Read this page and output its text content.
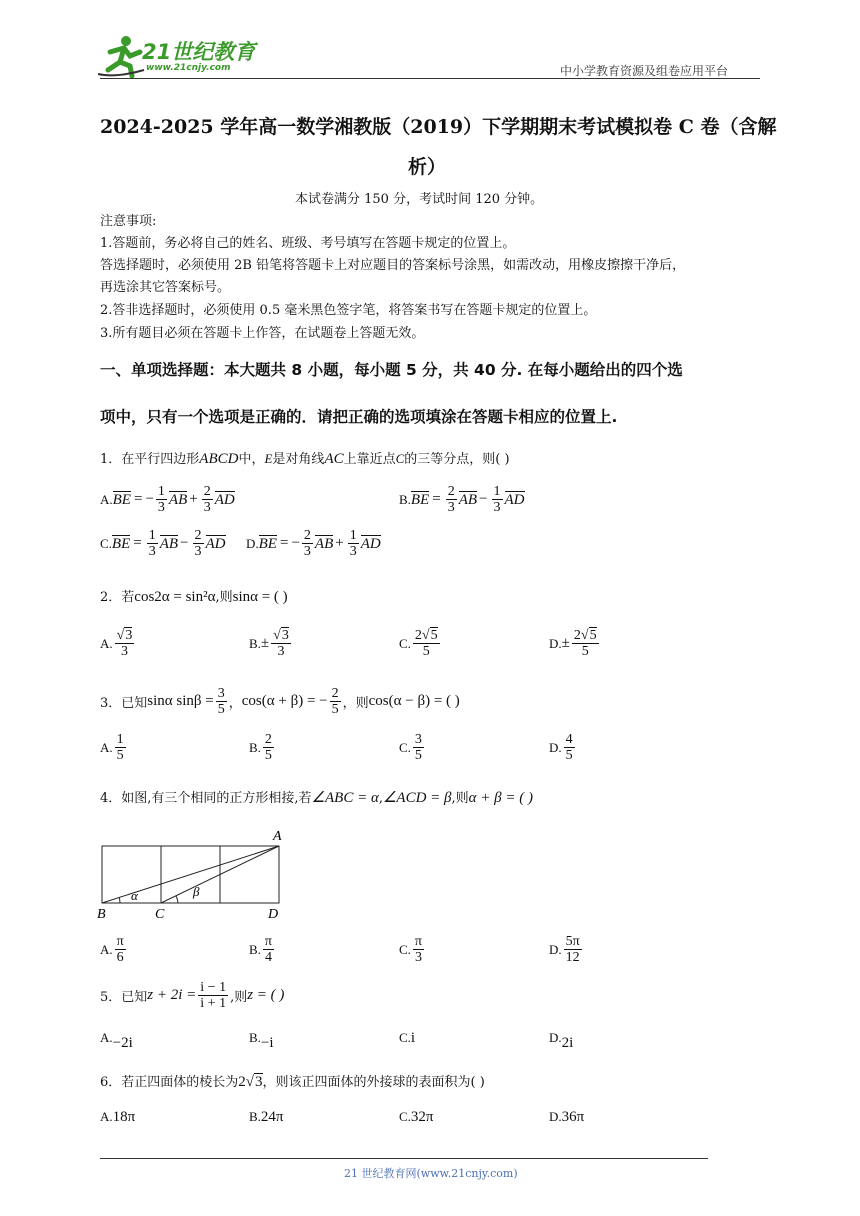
21世纪教育
www.21cnjy.com	中小学教育资源及组卷应用平台
2024-2025 学年高一数学湘教版（2019）下学期期末考试模拟卷 C 卷（含解
析）
本试卷满分 150 分，考试时间 120 分钟。
注意事项:
1.答题前，务必将自己的姓名、班级、考号填写在答题卡规定的位置上。
答选择题时，必须使用 2B 铅笔将答题卡上对应题目的答案标号涂黑，如需改动，用橡皮擦擦干净后，
再选涂其它答案标号。
2.答非选择题时，必须使用 0.5 毫米黑色签字笔，将答案书写在答题卡规定的位置上。
3.所有题目必须在答题卡上作答，在试题卷上答题无效。
一、单项选择题：本大题共 8 小题，每小题 5 分，共 40 分. 在每小题给出的四个选
项中，只有一个选项是正确的．请把正确的选项填涂在答题卡相应的位置上.
1．在平行四边形ABCD中，E是对角线AC上靠近点C的三等分点，则( )
A. BE = − $\frac{1}{3}$ AB + $\frac{2}{3}$ AD	B. BE = $\frac{2}{3}$ AB − $\frac{1}{3}$ AD
C. BE = $\frac{1}{3}$ AB − $\frac{2}{3}$ AD D. BE = − $\frac{2}{3}$ AB + $\frac{1}{3}$ AD
2．若cos2α = sin²α,则sinα = ( )
A. $\frac{√3}{3}$	B. ± $\frac{√3}{3}$	C. $\frac{2√5}{5}$	D. ± $\frac{2√5}{5}$
3．已知 sinα $\sin\beta = \frac{3}{5}$ ， cos(α + β) = − $\frac{2}{5}$ ，则 cos(α − β) = ( )
A. $\frac{1}{5}$	B. $\frac{2}{5}$	C. $\frac{3}{5}$	D. $\frac{4}{5}$
4．如图,有三个相同的正方形相接,若∠ABC = α,∠ACD = β,则α + β = ( )
A
B	C	D
α	β
A. $\frac{\pi}{6}$	B. $\frac{\pi}{4}$	C. $\frac{\pi}{3}$	D. $\frac{5\pi}{12}$
5．已知 $z + 2i = \frac{i - 1}{i + 1}$ ,则 z = ( )
A.−2i	B.−i	C.i	D.2i
6．若正四面体的棱长为2√3，则该正四面体的外接球的表面积为( )
A.18π	B.24π	C.32π	D.36π
21 世纪教育网(www.21cnjy.com)
